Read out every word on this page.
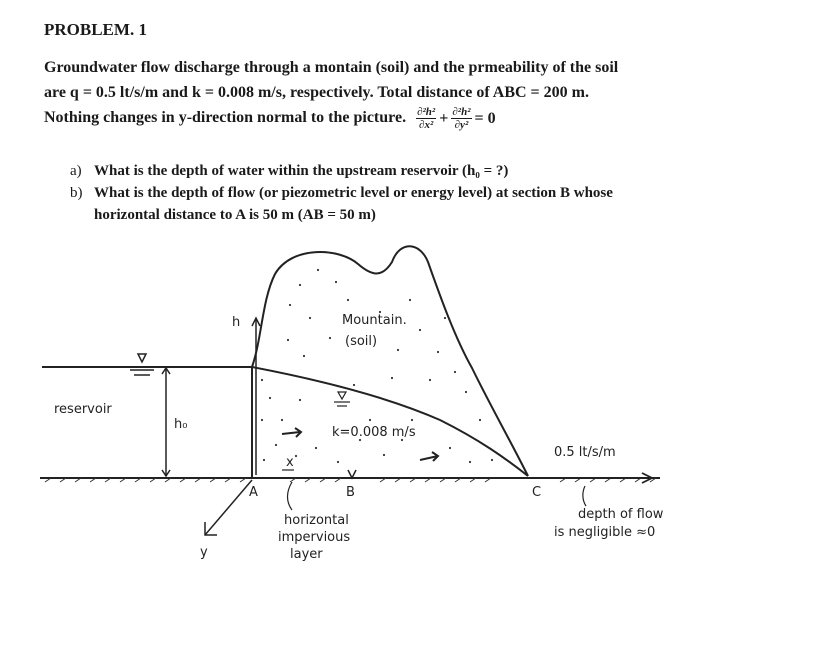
PROBLEM. 1
Groundwater flow discharge through a montain (soil) and the prmeability of the soil
are q = 0.5 lt/s/m and k = 0.008 m/s, respectively. Total distance of ABC = 200 m.
Nothing changes in y-direction normal to the picture. $\frac{\text{∂²h²}}{\text{∂x²}} + \frac{\text{∂²h²}}{\text{∂y²}} = 0$
a) What is the depth of water within the upstream reservoir (h₀ = ?)
b) What is the depth of flow (or piezometric level or energy level) at section B whose
horizontal distance to A is 50 m (AB = 50 m)
Mountain.
(soil)
k=0.008 m/s
reservoir
h₀
h
x
y
A	B	C
horizontal
impervious
layer
0.5 lt/s/m
depth of flow
is negligible ≈0
